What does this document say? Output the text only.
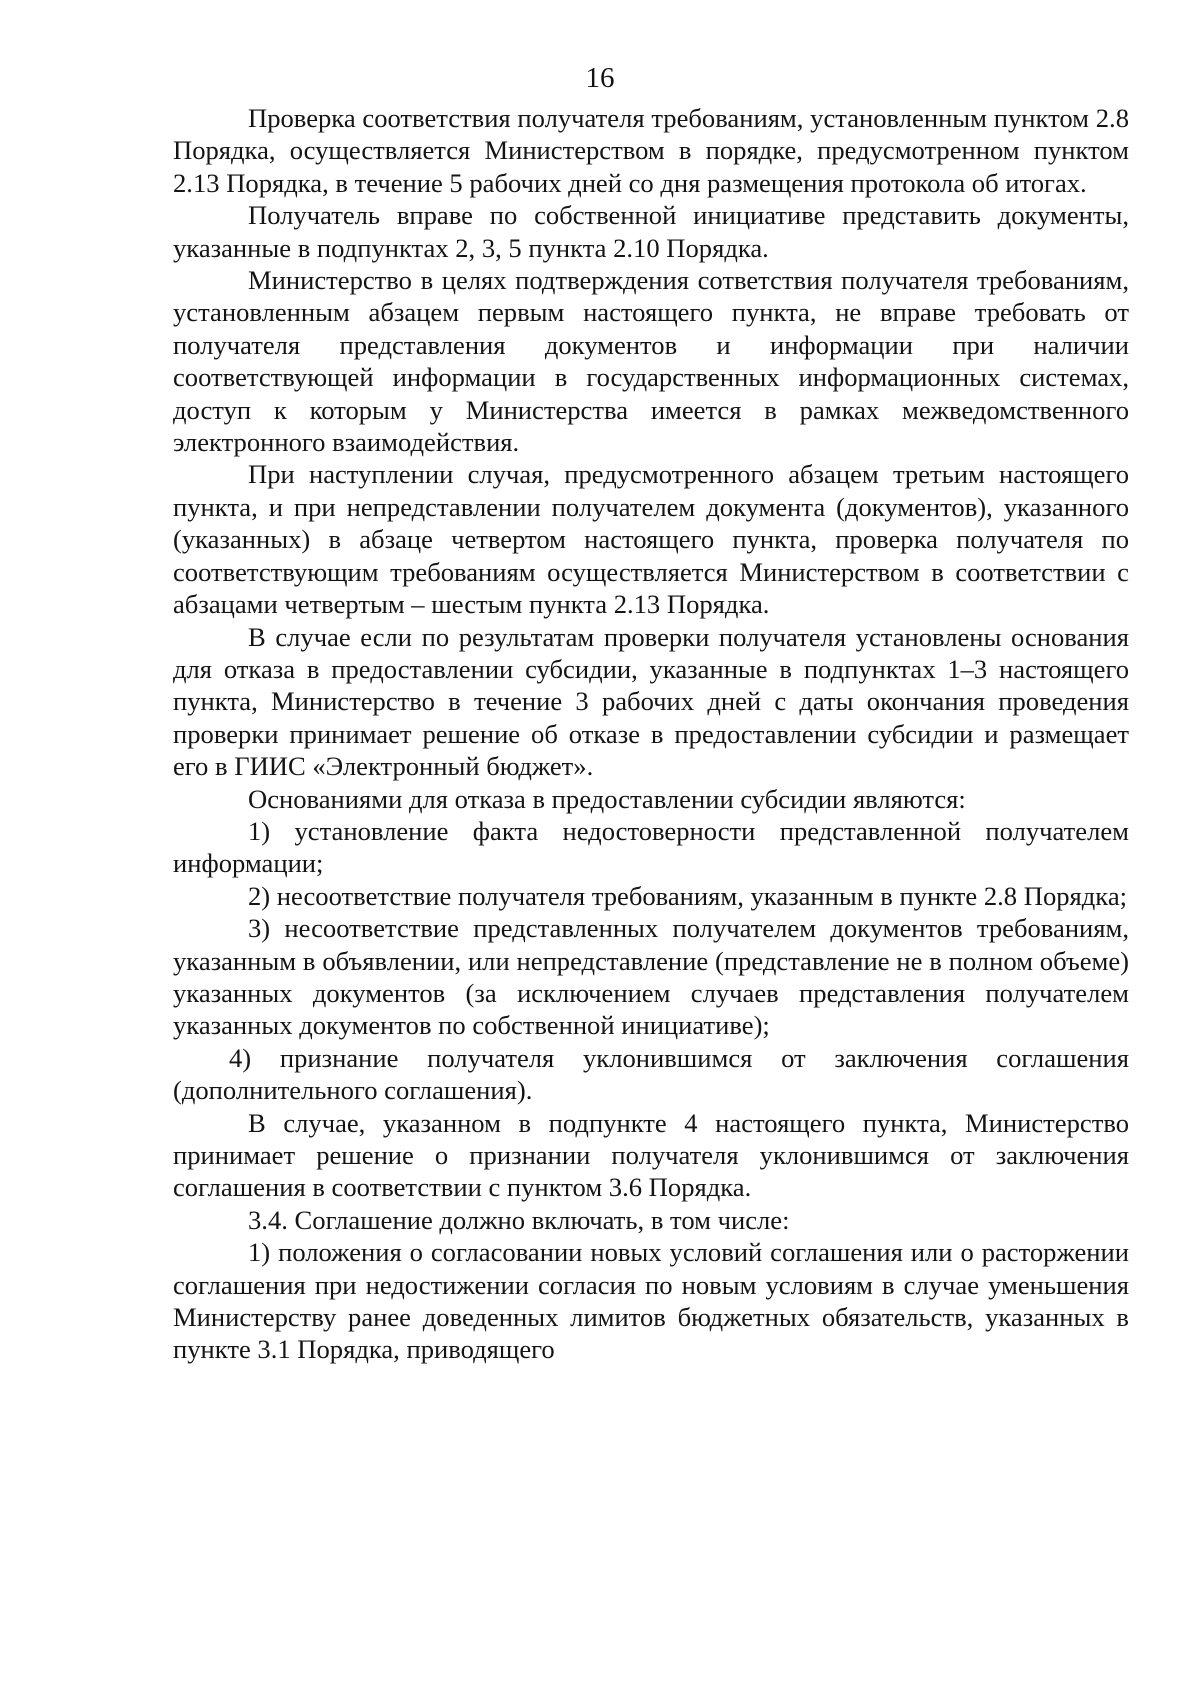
16

Проверка соответствия получателя требованиям, установленным пунктом 2.8 Порядка, осуществляется Министерством в порядке, предусмотренном пунктом 2.13 Порядка, в течение 5 рабочих дней со дня размещения протокола об итогах.

Получатель вправе по собственной инициативе представить документы, указанные в подпунктах 2, 3, 5 пункта 2.10 Порядка.

Министерство в целях подтверждения сответствия получателя требованиям, установленным абзацем первым настоящего пункта, не вправе требовать от получателя представления документов и информации при наличии соответствующей информации в государственных информационных системах, доступ к которым у Министерства имеется в рамках межведомственного электронного взаимодействия.

При наступлении случая, предусмотренного абзацем третьим настоящего пункта, и при непредставлении получателем документа (документов), указанного (указанных) в абзаце четвертом настоящего пункта, проверка получателя по соответствующим требованиям осуществляется Министерством в соответствии с абзацами четвертым – шестым пункта 2.13 Порядка.

В случае если по результатам проверки получателя установлены основания для отказа в предоставлении субсидии, указанные в подпунктах 1–3 настоящего пункта, Министерство в течение 3 рабочих дней с даты окончания проведения проверки принимает решение об отказе в предоставлении субсидии и размещает его в ГИИС «Электронный бюджет».

Основаниями для отказа в предоставлении субсидии являются:

1) установление факта недостоверности представленной получателем информации;

2) несоответствие получателя требованиям, указанным в пункте 2.8 Порядка;

3) несоответствие представленных получателем документов требованиям, указанным в объявлении, или непредставление (представление не в полном объеме) указанных документов (за исключением случаев представления получателем указанных документов по собственной инициативе);

4) признание получателя уклонившимся от заключения соглашения (дополнительного соглашения).

В случае, указанном в подпункте 4 настоящего пункта, Министерство принимает решение о признании получателя уклонившимся от заключения соглашения в соответствии с пунктом 3.6 Порядка.

3.4. Соглашение должно включать, в том числе:

1) положения о согласовании новых условий соглашения или о расторжении соглашения при недостижении согласия по новым условиям в случае уменьшения Министерству ранее доведенных лимитов бюджетных обязательств, указанных в пункте 3.1 Порядка, приводящего
